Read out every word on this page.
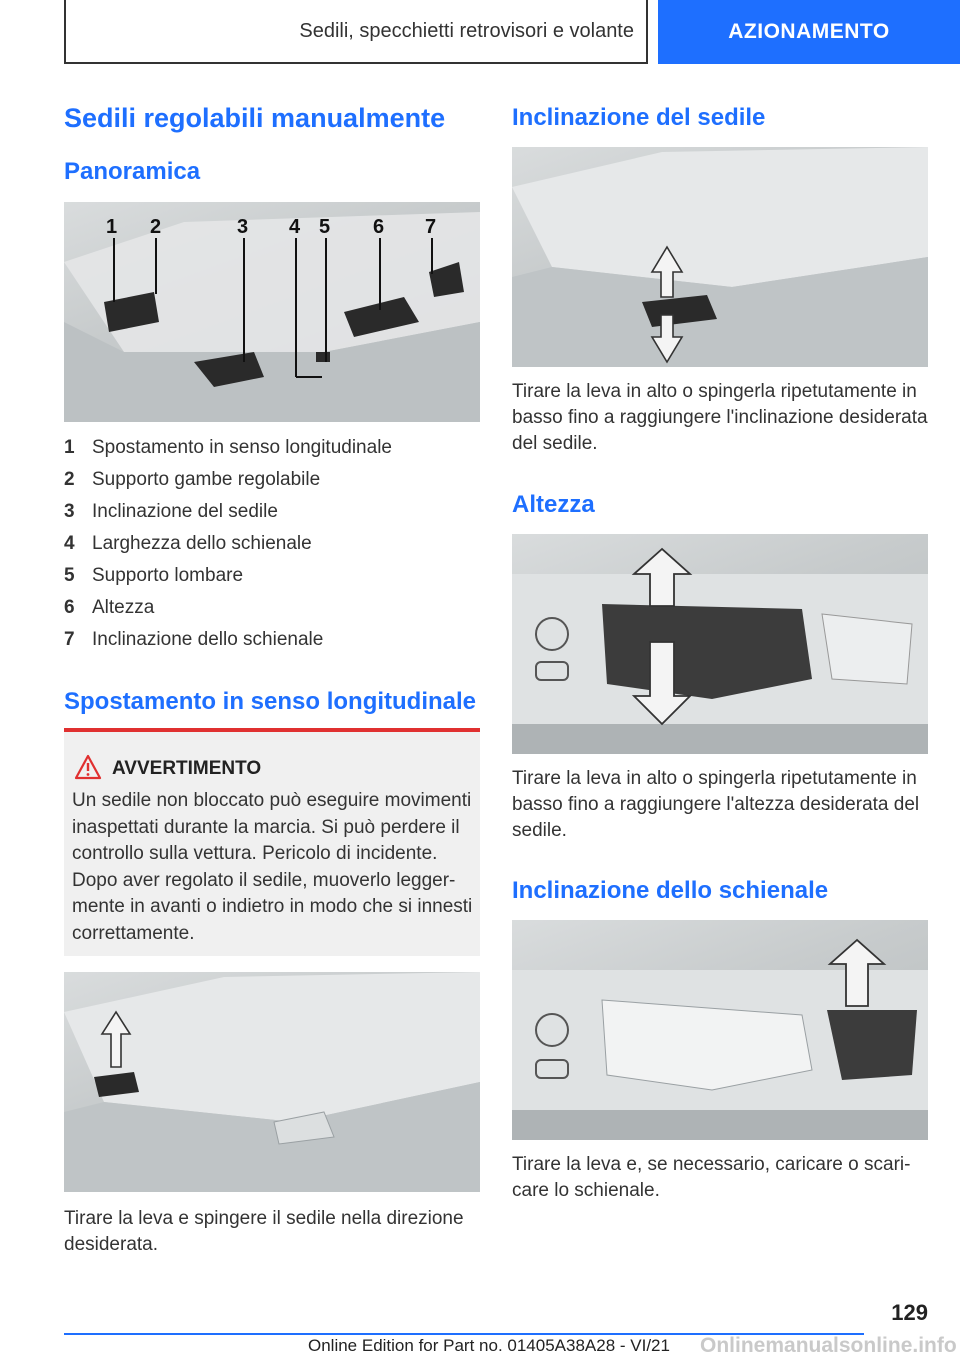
Sedili, specchietti retrovisori e volante	AZIONAMENTO
Sedili regolabili manualmente
Panoramica
1 2	3 4 5 6 7
1 Spostamento in senso longitudinale
2 Supporto gambe regolabile
3 Inclinazione del sedile
4 Larghezza dello schienale
5 Supporto lombare
6 Altezza
7 Inclinazione dello schienale
Spostamento in senso longitudinale
AVVERTIMENTO
Un sedile non bloccato può eseguire movimenti inaspettati durante la marcia. Si può perdere il controllo sulla vettura. Pericolo di incidente. Dopo aver regolato il sedile, muoverlo leggermente in avanti o indietro in modo che si innesti correttamente.
Tirare la leva e spingere il sedile nella direzione desiderata.
Inclinazione del sedile
Tirare la leva in alto o spingerla ripetutamente in basso fino a raggiungere l'inclinazione desiderata del sedile.
Altezza
Tirare la leva in alto o spingerla ripetutamente in basso fino a raggiungere l'altezza desiderata del sedile.
Inclinazione dello schienale
Tirare la leva e, se necessario, caricare o scaricare lo schienale.
129
Online Edition for Part no. 01405A38A28 - VI/21 Onlinemanualsonline.info
